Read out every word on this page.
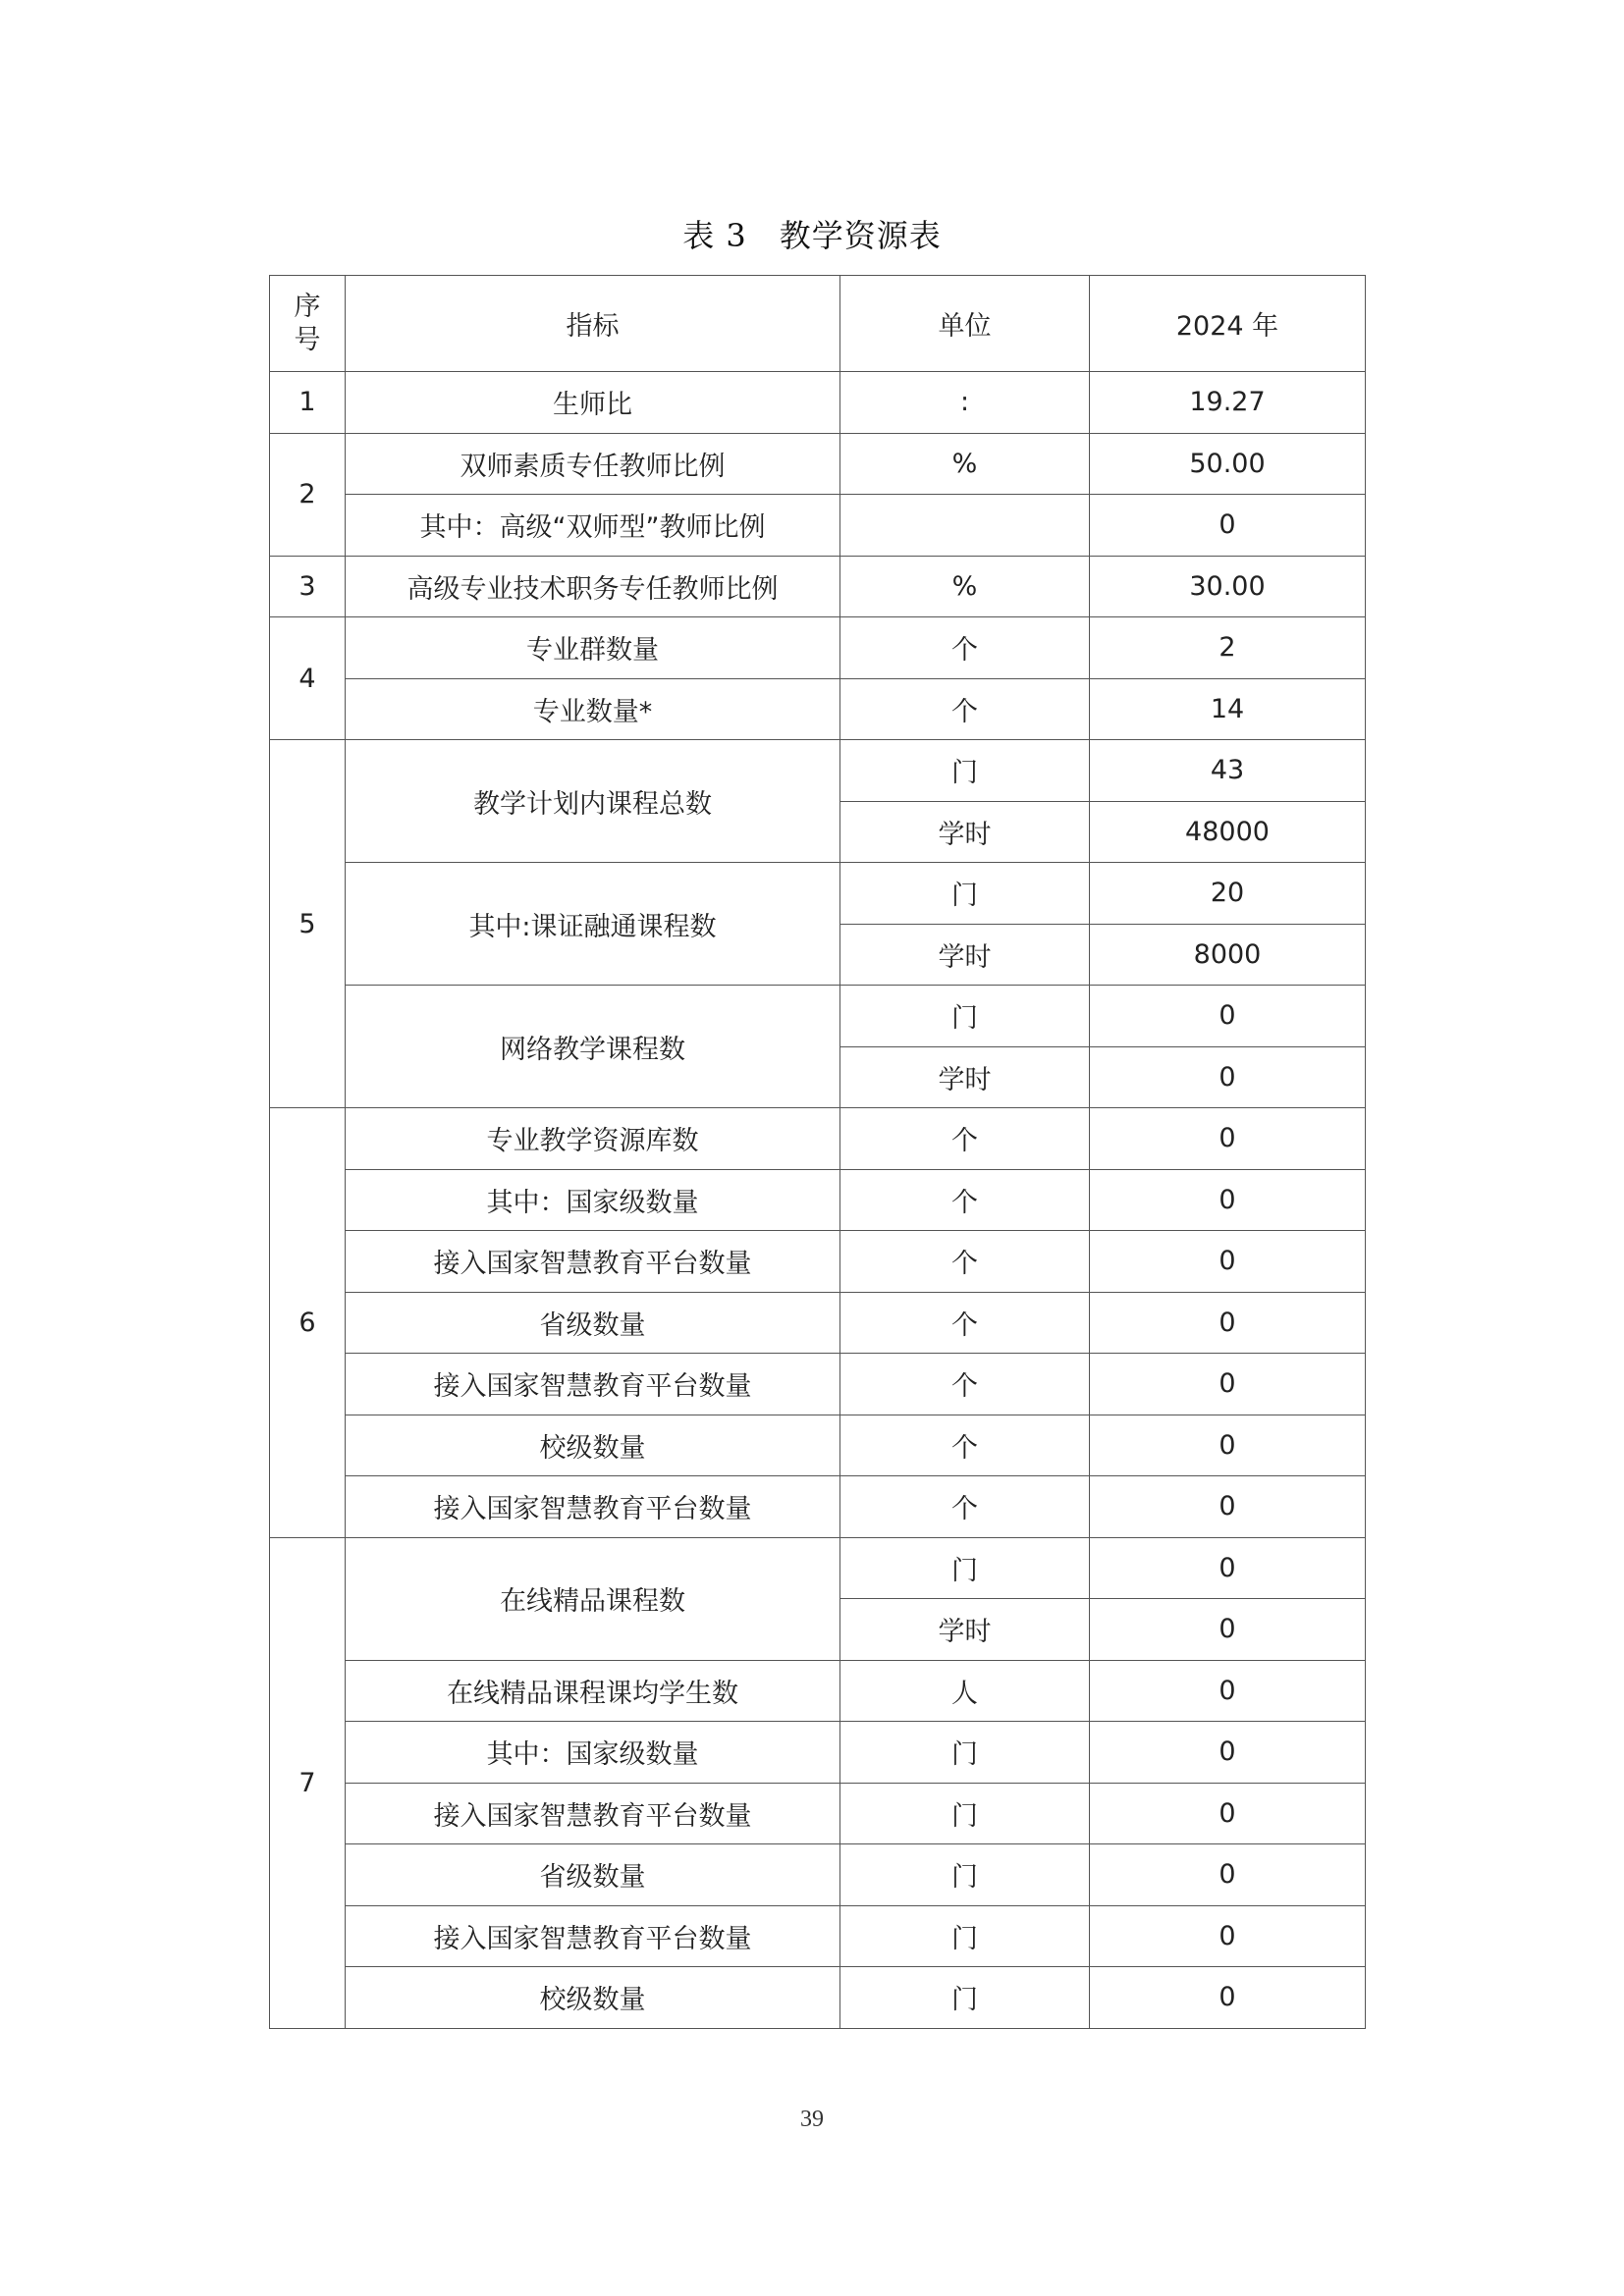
表 3　教学资源表
序
号	指标	单位	2024 年
1	生师比	:	19.27
2	双师素质专任教师比例	%	50.00
	其中：高级“双师型”教师比例		0
3	高级专业技术职务专任教师比例	%	30.00
4	专业群数量	个	2
	专业数量*	个	14
5	教学计划内课程总数	门	43
		学时	48000
	其中:课证融通课程数	门	20
		学时	8000
	网络教学课程数	门	0
		学时	0
6	专业教学资源库数	个	0
	其中：国家级数量	个	0
	接入国家智慧教育平台数量	个	0
	省级数量	个	0
	接入国家智慧教育平台数量	个	0
	校级数量	个	0
	接入国家智慧教育平台数量	个	0
7	在线精品课程数	门	0
		学时	0
	在线精品课程课均学生数	人	0
	其中：国家级数量	门	0
	接入国家智慧教育平台数量	门	0
	省级数量	门	0
	接入国家智慧教育平台数量	门	0
	校级数量	门	0
39
